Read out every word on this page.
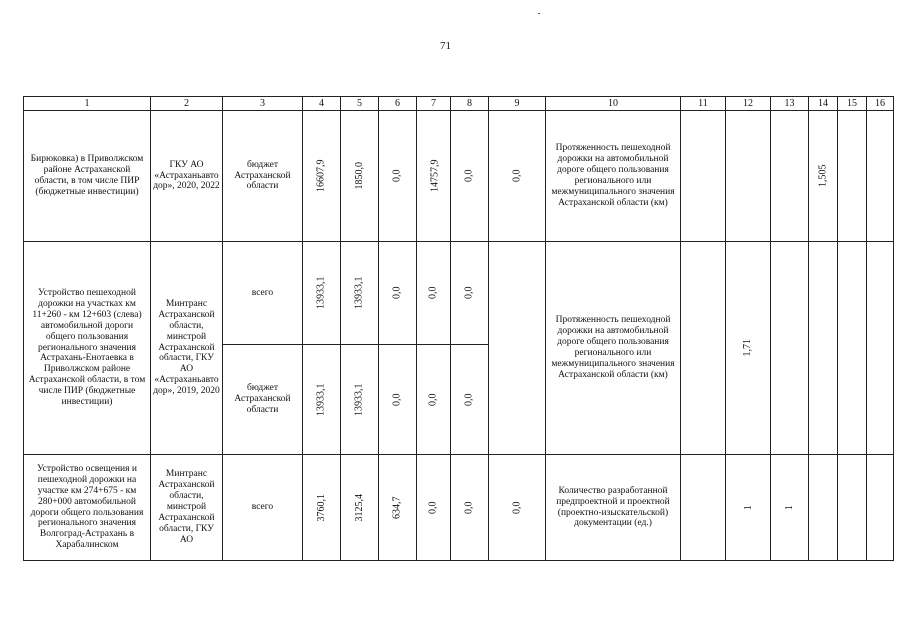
71
1	2	3	4	5	6	7	8	9	10	11	12	13	14	15	16
Бирюковка) в Приволжском районе Астраханской области, в том числе ПИР (бюджетные инвестиции)	ГКУ АО «Астраханьавтодор», 2020, 2022	бюджет Астраханской области	16607,9	1850,0	0,0	14757,9	0,0	0,0	Протяженность пешеходной дорожки на автомобильной дороге общего пользования регионального или межмуниципального значения Астраханской области (км)				1,505		
Устройство пешеходной дорожки на участках км 11+260 - км 12+603 (слева) автомобильной дороги общего пользования регионального значения Астрахань-Енотаевка в Приволжском районе Астраханской области, в том числе ПИР (бюджетные инвестиции)	Минтранс Астраханской области, минстрой Астраханской области, ГКУ АО «Астраханьавтодор», 2019, 2020	всего	13933,1	13933,1	0,0	0,0	0,0		Протяженность пешеходной дорожки на автомобильной дороге общего пользования регионального или межмуниципального значения Астраханской области (км)		1,71				
		бюджет Астраханской области	13933,1	13933,1	0,0	0,0	0,0								
Устройство освещения и пешеходной дорожки на участке км 274+675 - км 280+000 автомобильной дороги общего пользования регионального значения Волгоград-Астрахань в Харабалинском	Минтранс Астраханской области, минстрой Астраханской области, ГКУ АО	всего	3760,1	3125,4	634,7	0,0	0,0	0,0	Количество разработанной предпроектной и проектной (проектно-изыскательской) документации (ед.)		1	1			
